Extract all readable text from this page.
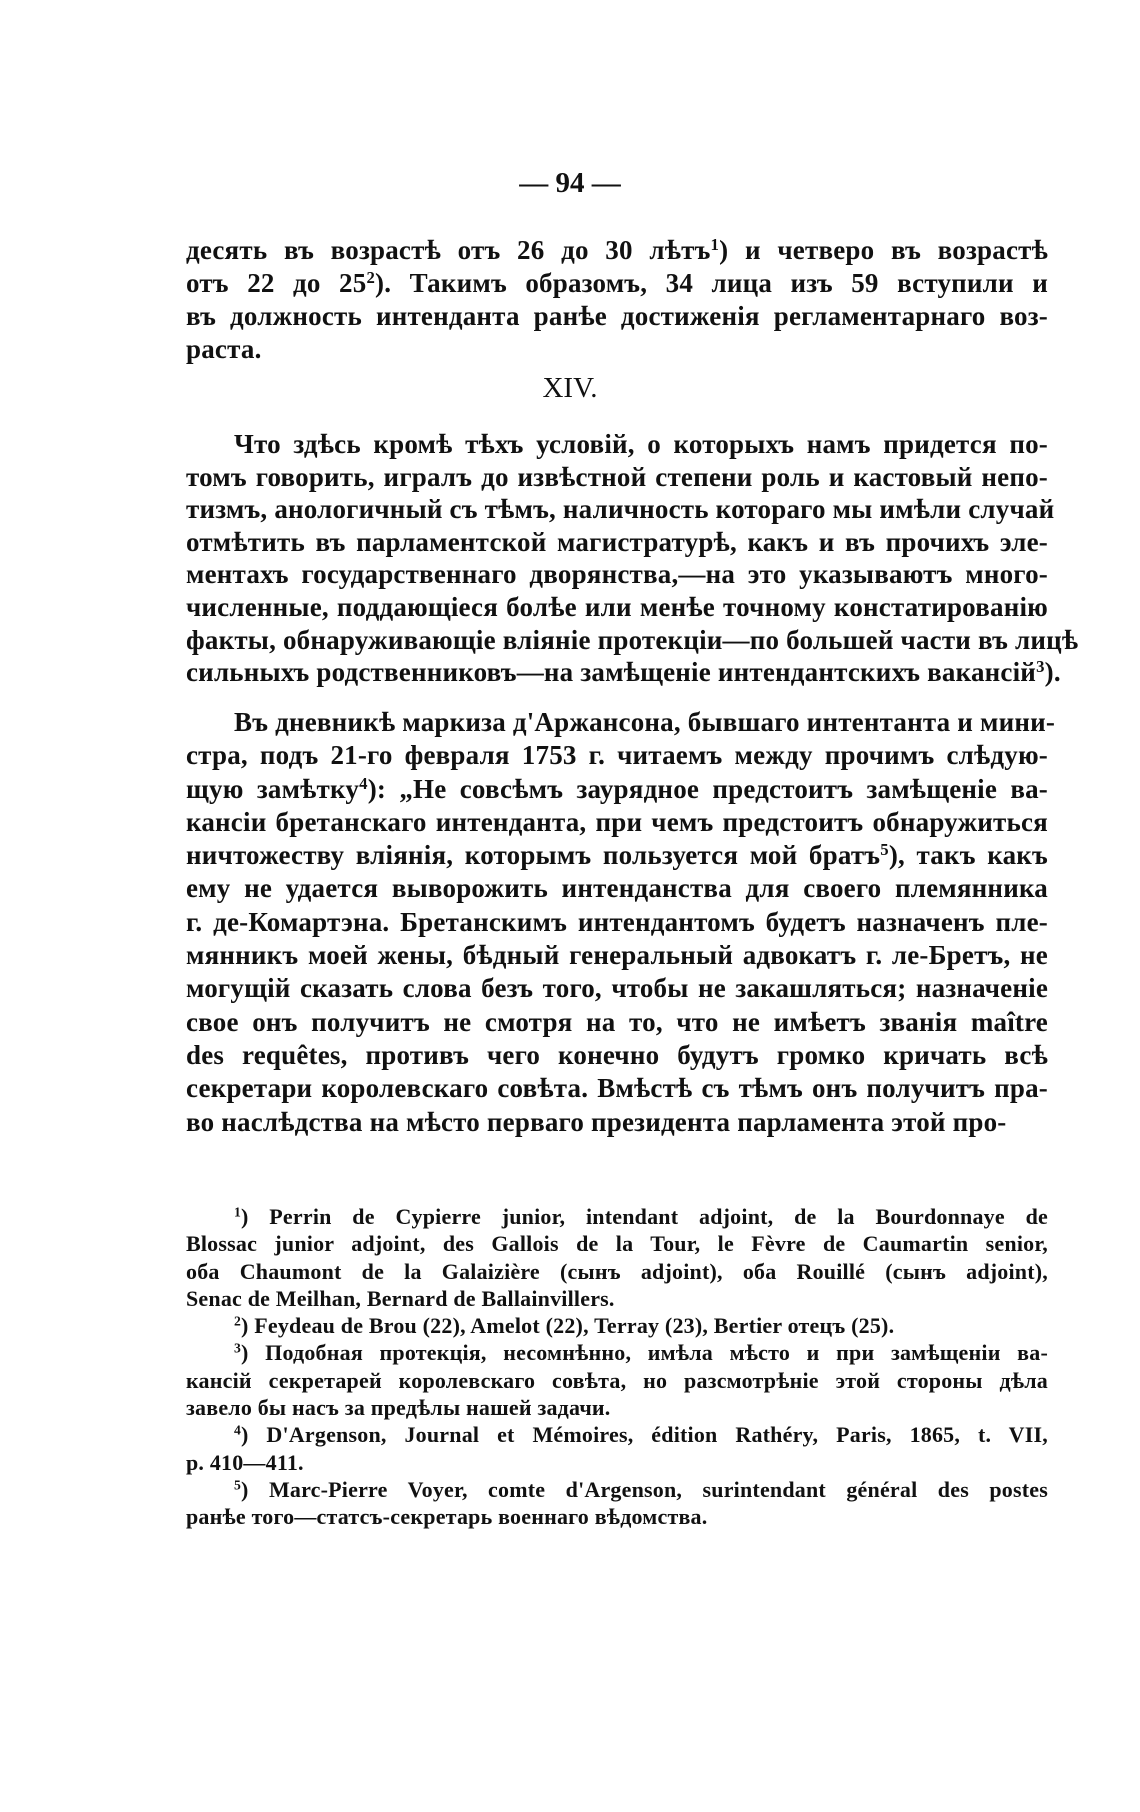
— 94 —
десять въ возрастѣ отъ 26 до 30 лѣтъ$^1$) и четверо въ возрастѣ
отъ 22 до $25^2$). Такимъ образомъ, 34 лица изъ 59 вступили и
въ должность интенданта ранѣе достиженія регламентарнаго воз-
раста.
XIV.
Что здѣсь кромѣ тѣхъ условій, о которыхъ намъ придется по-
томъ говорить, игралъ до извѣстной степени роль и кастовый непо-
тизмъ, анологичный съ тѣмъ, наличность котораго мы имѣли случай
отмѣтить въ парламентской магистратурѣ, какъ и въ прочихъ эле-
ментахъ государственнаго дворянства,—на это указываютъ много-
численные, поддающіеся болѣе или менѣе точному констатированію
факты, обнаруживающіе вліяніе протекціи—по большей части въ лицѣ
сильныхъ родственниковъ—на замѣщеніе интендантскихъ вакансій$^3$).
Въ дневникѣ маркиза д'Аржансона, бывшаго интентанта и мини-
стра, подъ 21-го февраля 1753 г. читаемъ между прочимъ слѣдую-
щую замѣтку$^4$): „Не совсѣмъ заурядное предстоитъ замѣщеніе ва-
кансіи бретанскаго интенданта, при чемъ предстоитъ обнаружиться
ничтожеству вліянія, которымъ пользуется мой братъ$^5$), такъ какъ
ему не удается выворожить интенданства для своего племянника
г. де-Комартэна. Бретанскимъ интендантомъ будетъ назначенъ пле-
мянникъ моей жены, бѣдный генеральный адвокатъ г. ле-Бретъ, не
могущій сказать слова безъ того, чтобы не закашляться; назначеніе
свое онъ получитъ не смотря на то, что не имѣетъ званія maître
des requêtes, противъ чего конечно будутъ громко кричать всѣ
секретари королевскаго совѣта. Вмѣстѣ съ тѣмъ онъ получитъ пра-
во наслѣдства на мѣсто перваго президента парламента этой про-
$^1$) Perrin de Cypierre junior, intendant adjoint, de la Bourdonnaye de
Blossac junior adjoint, des Gallois de la Tour, le Fèvre de Caumartin senior,
оба Chaumont de la Galaizière (сынъ adjoint), оба Rouillé (сынъ adjoint),
Senac de Meilhan, Bernard de Ballainvillers.
$^2$) Feydeau de Brou (22), Amelot (22), Terray (23), Bertier отецъ (25).
$^3$) Подобная протекція, несомнѣнно, имѣла мѣсто и при замѣщеніи ва-
кансій секретарей королевскаго совѣта, но разсмотрѣніе этой стороны дѣла
завело бы насъ за предѣлы нашей задачи.
$^4$) D'Argenson, Journal et Mémoires, édition Rathéry, Paris, 1865, t. VII,
p. 410—411.
$^5$) Marc-Pierre Voyer, comte d'Argenson, surintendant général des postes
ранѣе того—статсъ-секретарь военнаго вѣдомства.
